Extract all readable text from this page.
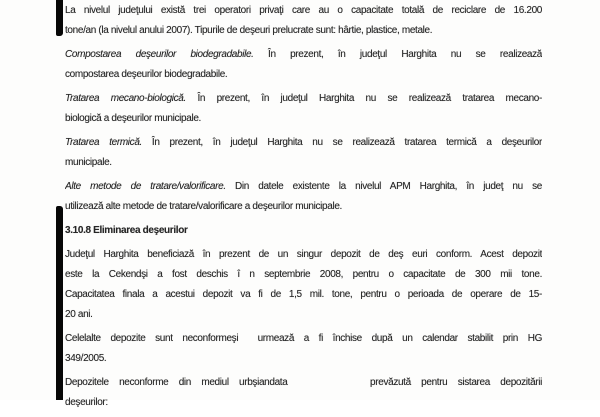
La nivelul judeţului există trei operatori privaţi care au o capacitate totală de reciclare de 16.200
tone/an (la nivelul anului 2007). Tipurile de deşeuri prelucrate sunt: hârtie, plastice, metale.
Compostarea deşeurilor biodegradabile. În prezent, în judeţul Harghita nu se realizează
compostarea deşeurilor biodegradabile.
Tratarea mecano-biologică. În prezent, în judeţul Harghita nu se realizează tratarea mecano-
biologică a deşeurilor municipale.
Tratarea termică. În prezent, în judeţul Harghita nu se realizează tratarea termică a deşeurilor
municipale.
Alte metode de tratare/valorificare. Din datele existente la nivelul APM Harghita, în judeţ nu se
utilizează alte metode de tratare/valorificare a deşeurilor municipale.
3.10.8 Eliminarea deşeurilor
Judeţul Harghita beneficiază în prezent de un singur depozit de deş euri conform. Acest depozit
este la Cekendşi a fost deschis î n septembrie 2008, pentru o capacitate de 300 mii tone.
Capacitatea finala a acestui depozit va fi de 1,5 mil. tone, pentru o perioada de operare de 15-
20 ani.
Celelalte depozite sunt neconformeşi  urmează a fi închise după un calendar stabilit prin HG
349/2005.
Depozitele neconforme din mediul urbşiandata        prevăzută pentru sistarea depozitării
deşeurilor:
